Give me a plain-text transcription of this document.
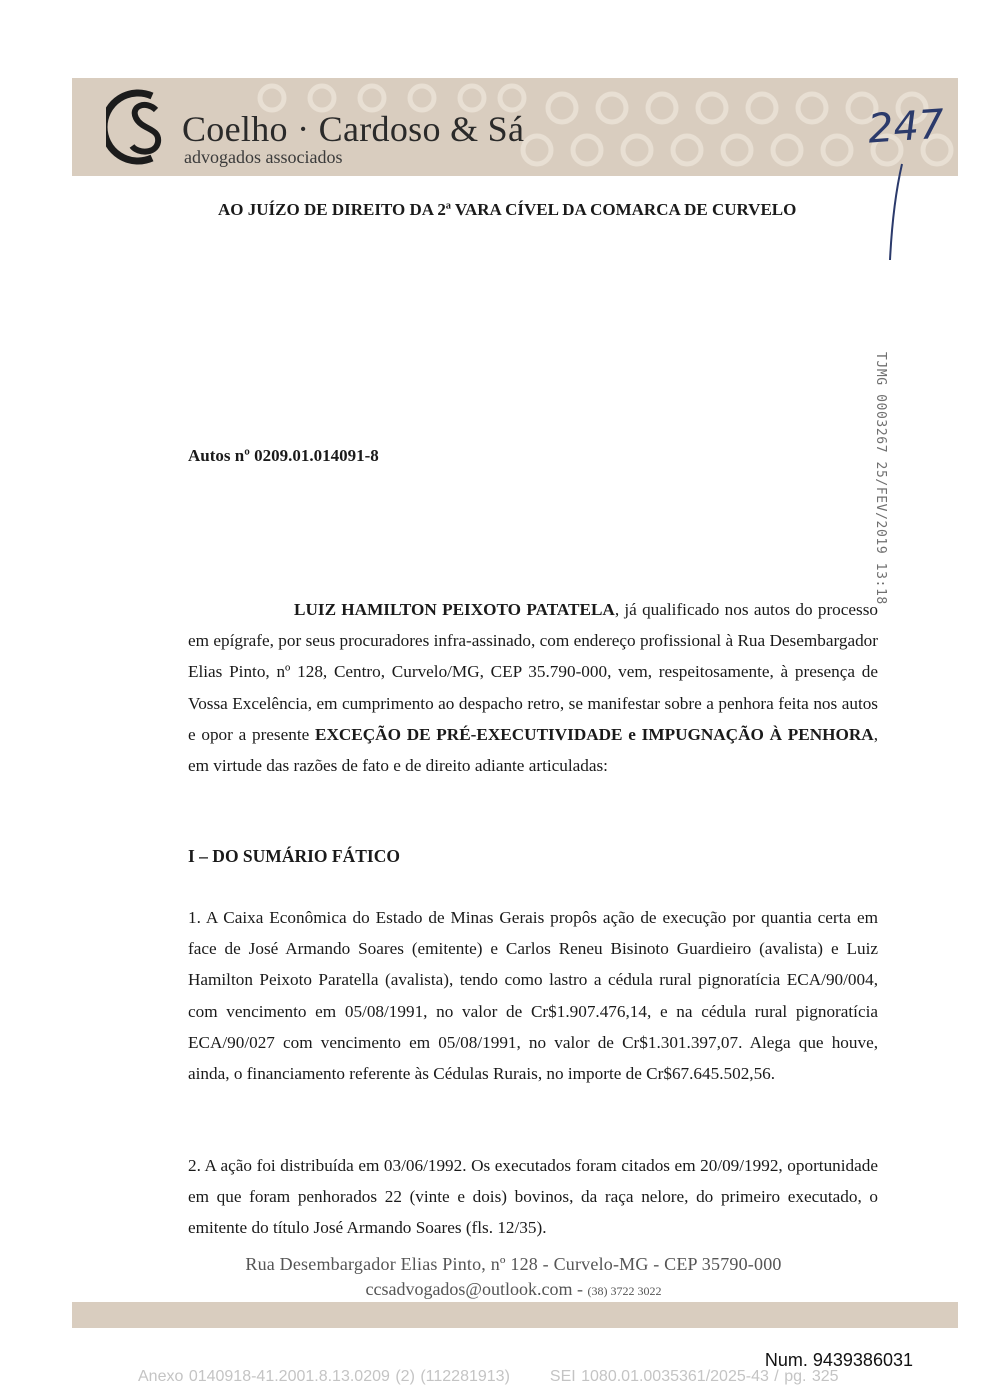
Coelho · Cardoso & Sá
advogados associados
247
AO JUÍZO DE DIREITO DA 2ª VARA CÍVEL DA COMARCA DE CURVELO
TJMG 0003267 25/FEV/2019 13:18
Autos nº 0209.01.014091-8
LUIZ HAMILTON PEIXOTO PATATELA, já qualificado nos autos do processo em epígrafe, por seus procuradores infra-assinado, com endereço profissional à Rua Desembargador Elias Pinto, nº 128, Centro, Curvelo/MG, CEP 35.790-000, vem, respeitosamente, à presença de Vossa Excelência, em cumprimento ao despacho retro, se manifestar sobre a penhora feita nos autos e opor a presente EXCEÇÃO DE PRÉ-EXECUTIVIDADE e IMPUGNAÇÃO À PENHORA, em virtude das razões de fato e de direito adiante articuladas:
I – DO SUMÁRIO FÁTICO
1. A Caixa Econômica do Estado de Minas Gerais propôs ação de execução por quantia certa em face de José Armando Soares (emitente) e Carlos Reneu Bisinoto Guardieiro (avalista) e Luiz Hamilton Peixoto Paratella (avalista), tendo como lastro a cédula rural pignoratícia ECA/90/004, com vencimento em 05/08/1991, no valor de Cr$1.907.476,14, e na cédula rural pignoratícia ECA/90/027 com vencimento em 05/08/1991, no valor de Cr$1.301.397,07. Alega que houve, ainda, o financiamento referente às Cédulas Rurais, no importe de Cr$67.645.502,56.
2. A ação foi distribuída em 03/06/1992. Os executados foram citados em 20/09/1992, oportunidade em que foram penhorados 22 (vinte e dois) bovinos, da raça nelore, do primeiro executado, o emitente do título José Armando Soares (fls. 12/35).
Rua Desembargador Elias Pinto, nº 128 - Curvelo-MG - CEP 35790-000
ccsadvogados@outlook.com - (38) 3722 3022
Num. 9439386031
Anexo 0140918-41.2001.8.13.0209 (2) (112281913)	SEI 1080.01.0035361/2025-43 / pg. 325
